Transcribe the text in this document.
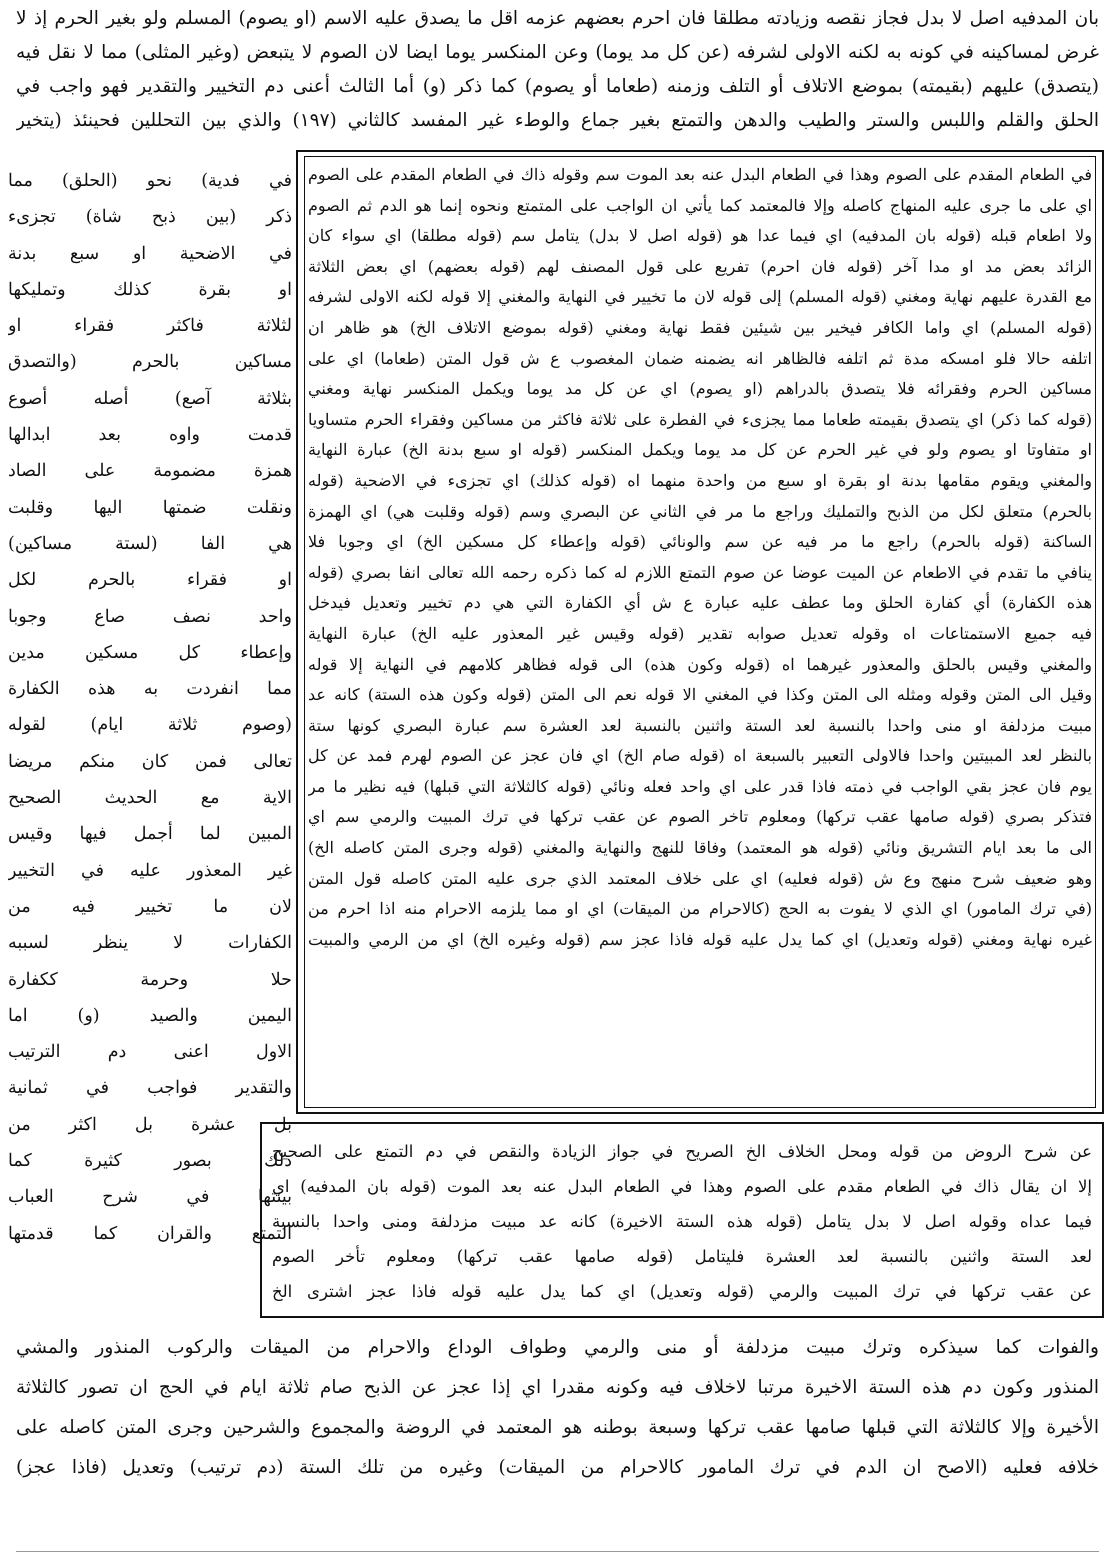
بان المدفيه اصل لا بدل فجاز نقصه وزيادته مطلقا فان احرم بعضهم عزمه اقل ما يصدق عليه الاسم (او يصوم) المسلم ولو بغير الحرم إذ لا
غرض لمساكينه في كونه به لكنه الاولى لشرفه (عن كل مد يوما) وعن المنكسر يوما ايضا لان الصوم لا يتبعض (وغير المثلى) مما لا نقل فيه
(يتصدق) عليهم (بقيمته) بموضع الاتلاف أو التلف وزمنه (طعاما أو يصوم) كما ذكر (و) أما الثالث أعنى دم التخيير والتقدير فهو واجب في
الحلق والقلم واللبس والستر والطيب والدهن والتمتع بغير جماع والوطء غير المفسد كالثاني (١٩٧) والذي بين التحللين فحينئذ (يتخير
في فدية) نحو (الحلق) مما
ذكر (بين ذبح شاة) تجزىء
في الاضحية او سبع بدنة
او بقرة كذلك وتمليكها
لثلاثة فاكثر فقراء او
مساكين بالحرم (والتصدق
بثلاثة آصع) أصله أصوع
قدمت واوه بعد ابدالها
همزة مضمومة على الصاد
ونقلت ضمتها اليها وقلبت
هي الفا (لستة مساكين)
او فقراء بالحرم لكل
واحد نصف صاع وجوبا
وإعطاء كل مسكين مدين
مما انفردت به هذه الكفارة
(وصوم ثلاثة ايام) لقوله
تعالى فمن كان منكم مريضا
الاية مع الحديث الصحيح
المبين لما أجمل فيها وقيس
غير المعذور عليه في التخيير
لان ما تخيير فيه من
الكفارات لا ينظر لسببه
حلا وحرمة ككفارة
اليمين والصيد (و) اما
الاول اعنى دم الترتيب
والتقدير فواجب في ثمانية
بل عشرة بل اكثر من
ذلك بصور كثيرة كما
بينتها في شرح العباب
التمتع والقران كما قدمتها
في الطعام المقدم على الصوم وهذا في الطعام البدل عنه بعد الموت سم وقوله ذاك في الطعام المقدم على الصوم
اي على ما جرى عليه المنهاج كاصله وإلا فالمعتمد كما يأتي ان الواجب على المتمتع ونحوه إنما هو الدم ثم الصوم
ولا اطعام قبله (قوله بان المدفيه) اي فيما عدا هو (قوله اصل لا بدل) يتامل سم (قوله مطلقا) اي سواء كان
الزائد بعض مد او مدا آخر (قوله فان احرم) تفريع على قول المصنف لهم (قوله بعضهم) اي بعض الثلاثة
مع القدرة عليهم نهاية ومغني (قوله المسلم) إلى قوله لان ما تخيير في النهاية والمغني إلا قوله لكنه الاولى لشرفه
(قوله المسلم) اي واما الكافر فيخير بين شيئين فقط نهاية ومغني (قوله بموضع الاتلاف الخ) هو ظاهر ان
اتلفه حالا فلو امسكه مدة ثم اتلفه فالظاهر انه يضمنه ضمان المغصوب ع ش قول المتن (طعاما) اي على
مساكين الحرم وفقرائه فلا يتصدق بالدراهم (او يصوم) اي عن كل مد يوما ويكمل المنكسر نهاية ومغني
(قوله كما ذكر) اي يتصدق بقيمته طعاما مما يجزىء في الفطرة على ثلاثة فاكثر من مساكين وفقراء الحرم متساويا
او متفاوتا او يصوم ولو في غير الحرم عن كل مد يوما ويكمل المنكسر (قوله او سبع بدنة الخ) عبارة النهاية
والمغني ويقوم مقامها بدنة او بقرة او سبع من واحدة منهما اه (قوله كذلك) اي تجزىء في الاضحية (قوله
بالحرم) متعلق لكل من الذبح والتمليك وراجع ما مر في الثاني عن البصري وسم (قوله وقلبت هي) اي الهمزة
الساكنة (قوله بالحرم) راجع ما مر فيه عن سم والونائي (قوله وإعطاء كل مسكين الخ) اي وجوبا فلا
ينافي ما تقدم في الاطعام عن الميت عوضا عن صوم التمتع اللازم له كما ذكره رحمه الله تعالى انفا بصري (قوله
هذه الكفارة) أي كفارة الحلق وما عطف عليه عبارة ع ش أي الكفارة التي هي دم تخيير وتعديل فيدخل
فيه جميع الاستمتاعات اه وقوله تعديل صوابه تقدير (قوله وقيس غير المعذور عليه الخ) عبارة النهاية
والمغني وقيس بالحلق والمعذور غيرهما اه (قوله وكون هذه) الى قوله فظاهر كلامهم في النهاية إلا قوله
وقيل الى المتن وقوله ومثله الى المتن وكذا في المغني الا قوله نعم الى المتن (قوله وكون هذه الستة) كانه عد
مبيت مزدلفة او منى واحدا بالنسبة لعد الستة واثنين بالنسبة لعد العشرة سم عبارة البصري كونها ستة
بالنظر لعد المبيتين واحدا فالاولى التعبير بالسبعة اه (قوله صام الخ) اي فان عجز عن الصوم لهرم فمد عن كل
يوم فان عجز بقي الواجب في ذمته فاذا قدر على اي واحد فعله ونائي (قوله كالثلاثة التي قبلها) فيه نظير ما مر
فتذكر بصري (قوله صامها عقب تركها) ومعلوم تاخر الصوم عن عقب تركها في ترك المبيت والرمي سم اي
الى ما بعد ايام التشريق ونائي (قوله هو المعتمد) وفاقا للنهج والنهاية والمغني (قوله وجرى المتن كاصله الخ)
وهو ضعيف شرح منهج وع ش (قوله فعليه) اي على خلاف المعتمد الذي جرى عليه المتن كاصله قول المتن
(في ترك المامور) اي الذي لا يفوت به الحج (كالاحرام من الميقات) اي او مما يلزمه الاحرام منه اذا احرم من
غيره نهاية ومغني (قوله وتعديل) اي كما يدل عليه قوله فاذا عجز سم (قوله وغيره الخ) اي من الرمي والمبيت
عن شرح الروض من قوله ومحل الخلاف الخ الصريح في جواز الزيادة والنقص في دم التمتع على الصحيح
إلا ان يقال ذاك في الطعام مقدم على الصوم وهذا في الطعام البدل عنه بعد الموت (قوله بان المدفيه) اي
فيما عداه وقوله اصل لا بدل يتامل (قوله هذه الستة الاخيرة) كانه عد مبيت مزدلفة ومنى واحدا بالنسبة
لعد الستة واثنين بالنسبة لعد العشرة فليتامل (قوله صامها عقب تركها) ومعلوم تأخر الصوم
عن عقب تركها في ترك المبيت والرمي (قوله وتعديل) اي كما يدل عليه قوله فاذا عجز اشترى الخ
والفوات كما سيذكره وترك مبيت مزدلفة أو منى والرمي وطواف الوداع والاحرام من الميقات والركوب المنذور والمشي
المنذور وكون دم هذه الستة الاخيرة مرتبا لاخلاف فيه وكونه مقدرا اي إذا عجز عن الذبح صام ثلاثة ايام في الحج ان تصور كالثلاثة
الأخيرة وإلا كالثلاثة التي قبلها صامها عقب تركها وسبعة بوطنه هو المعتمد في الروضة والمجموع والشرحين وجرى المتن كاصله على
خلافه فعليه (الاصح ان الدم في ترك المامور كالاحرام من الميقات) وغيره من تلك الستة (دم ترتيب) وتعديل (فاذا عجز)
